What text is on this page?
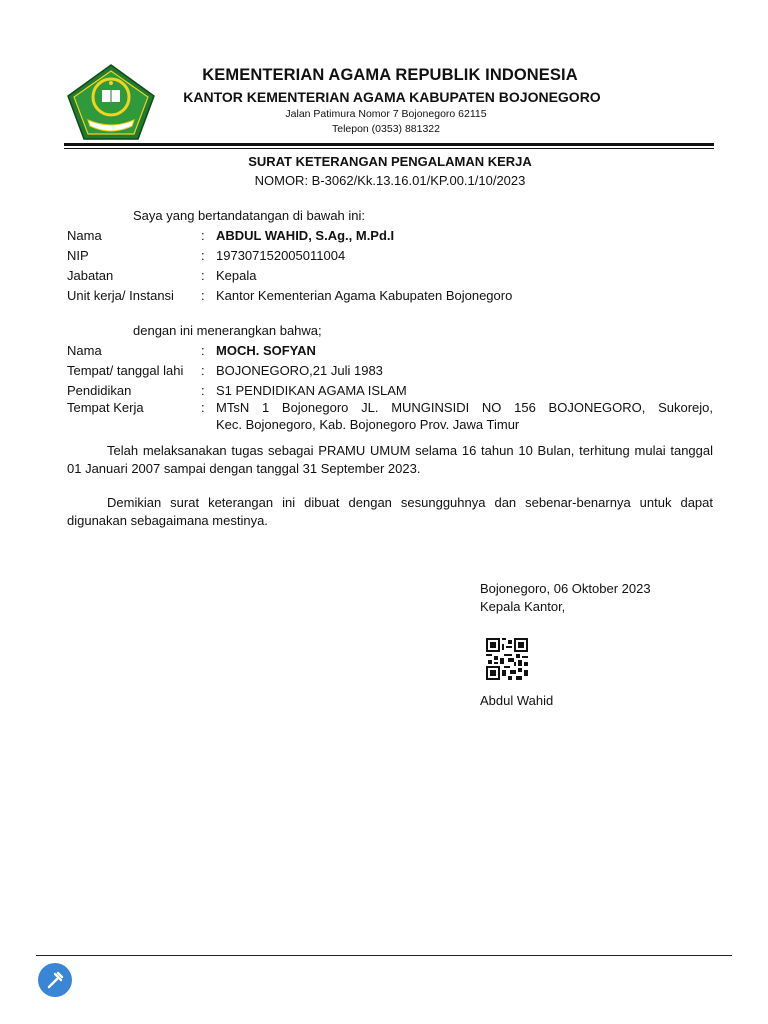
KEMENTERIAN AGAMA REPUBLIK INDONESIA
KANTOR KEMENTERIAN AGAMA KABUPATEN BOJONEGORO
Jalan Patimura Nomor 7 Bojonegoro 62115
Telepon (0353) 881322
SURAT KETERANGAN PENGALAMAN KERJA
NOMOR: B-3062/Kk.13.16.01/KP.00.1/10/2023
Saya yang bertandatangan di bawah ini:
Nama	: ABDUL WAHID, S.Ag., M.Pd.I
NIP	: 197307152005011004
Jabatan	: Kepala
Unit kerja/ Instansi : Kantor Kementerian Agama Kabupaten Bojonegoro
dengan ini menerangkan bahwa;
Nama	: MOCH. SOFYAN
Tempat/ tanggal lahi : BOJONEGORO,21 Juli 1983
Pendidikan	: S1 PENDIDIKAN AGAMA ISLAM
Tempat Kerja	: MTsN 1 Bojonegoro JL. MUNGINSIDI NO 156 BOJONEGORO, Sukorejo,
Kec. Bojonegoro, Kab. Bojonegoro Prov. Jawa Timur
Telah melaksanakan tugas sebagai PRAMU UMUM selama 16 tahun 10 Bulan, terhitung mulai tanggal 01 Januari 2007 sampai dengan tanggal 31 September 2023.
Demikian surat keterangan ini dibuat dengan sesungguhnya dan sebenar-benarnya untuk dapat digunakan sebagaimana mestinya.
Bojonegoro, 06 Oktober 2023
Kepala Kantor,
Abdul Wahid
